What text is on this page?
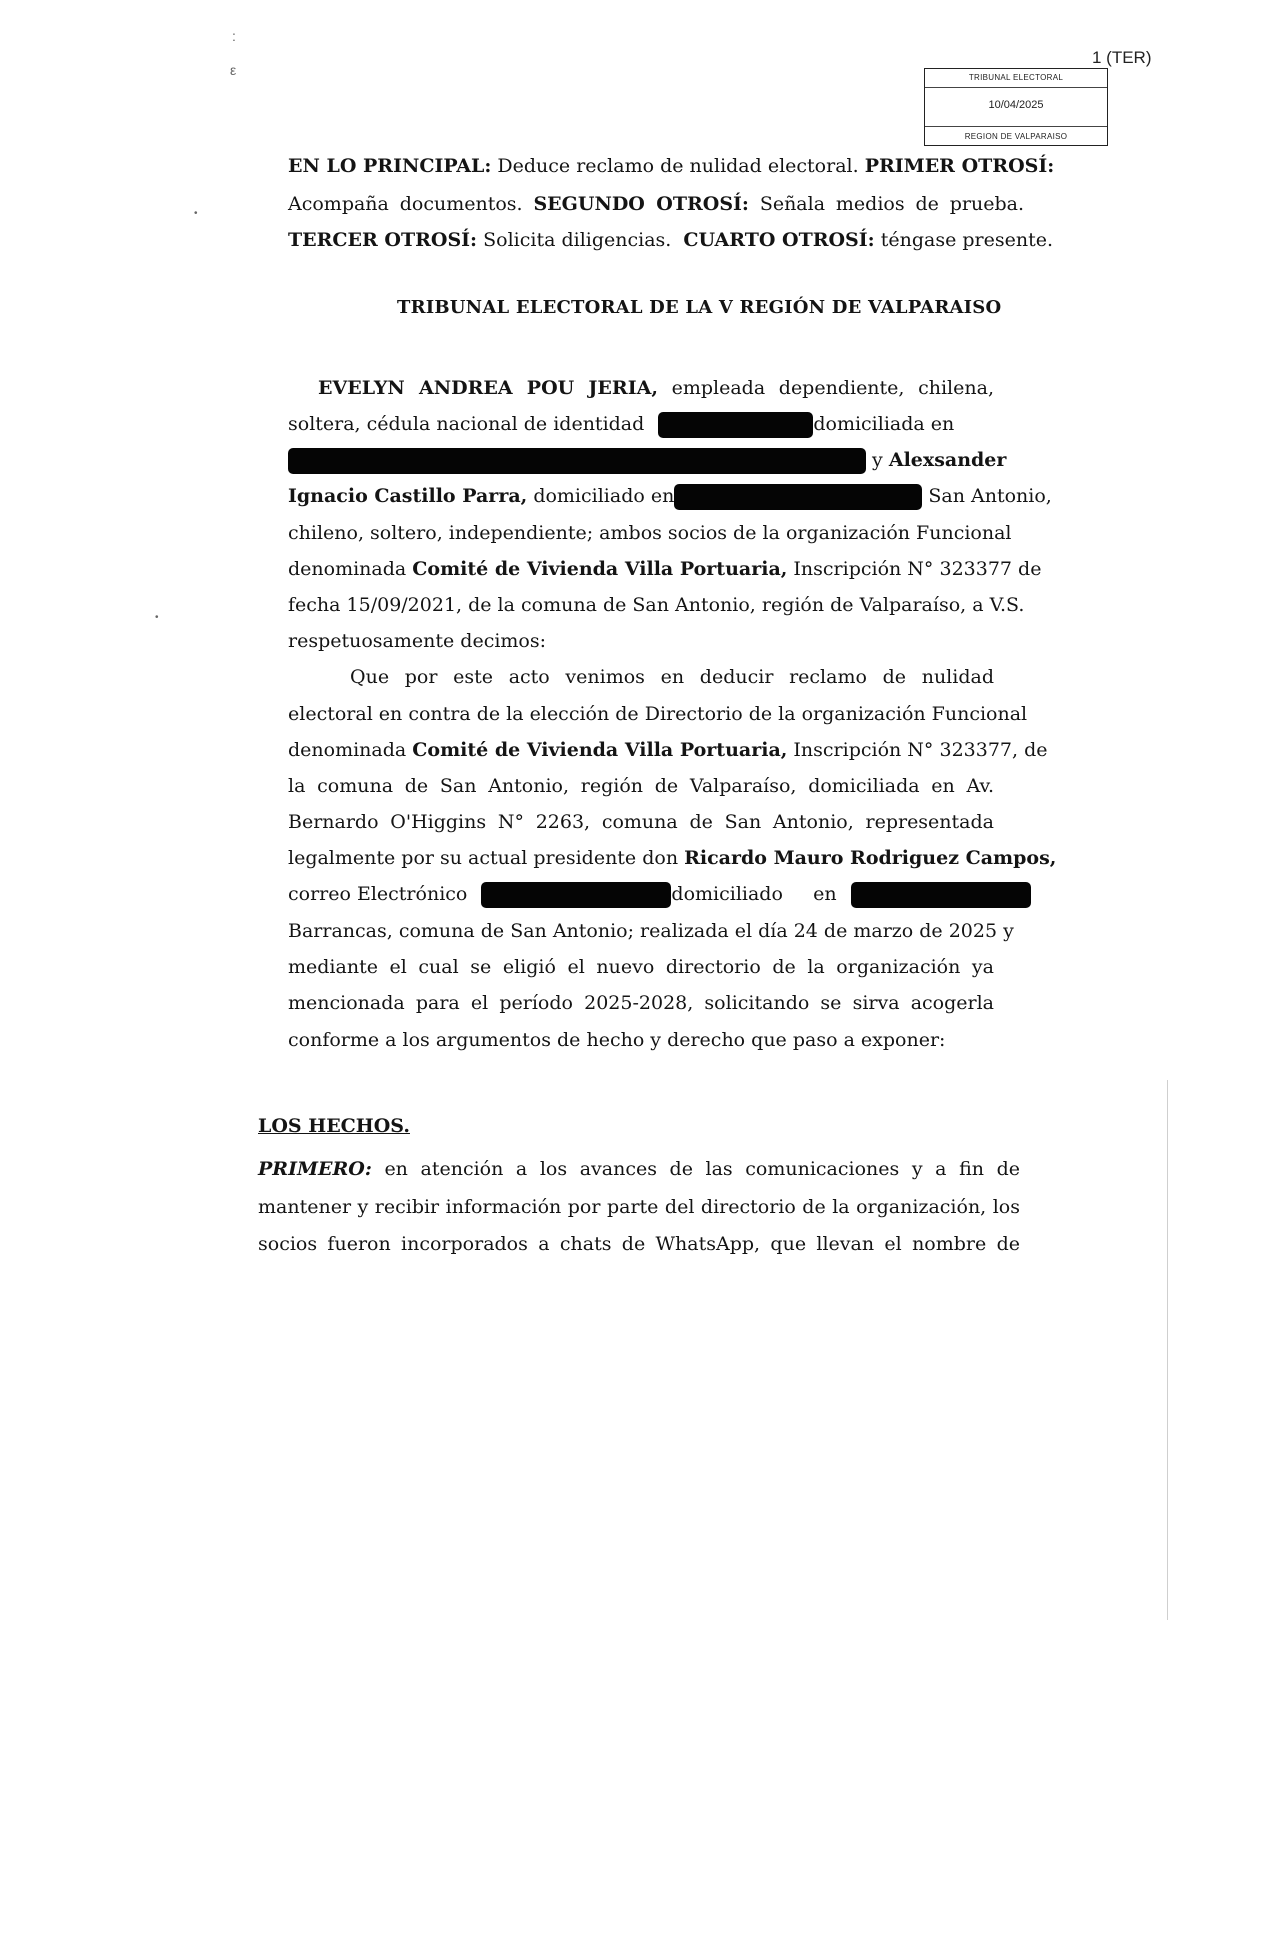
:
ε
•
•
1 (TER)
TRIBUNAL ELECTORAL
10/04/2025
REGION DE VALPARAISO
EN LO PRINCIPAL: Deduce reclamo de nulidad electoral. PRIMER OTROSÍ:
Acompaña documentos. SEGUNDO OTROSÍ: Señala medios de prueba.
TERCER OTROSÍ: Solicita diligencias. CUARTO OTROSÍ: téngase presente.
TRIBUNAL ELECTORAL DE LA V REGIÓN DE VALPARAISO
EVELYN ANDREA POU JERIA, empleada dependiente, chilena,
soltera, cédula nacional de identidad	domiciliada en
y Alexsander
Ignacio Castillo Parra, domiciliado en	San Antonio,
chileno, soltero, independiente; ambos socios de la organización Funcional
denominada Comité de Vivienda Villa Portuaria, Inscripción N° 323377 de
fecha 15/09/2021, de la comuna de San Antonio, región de Valparaíso, a V.S.
respetuosamente decimos:
Que por este acto venimos en deducir reclamo de nulidad
electoral en contra de la elección de Directorio de la organización Funcional
denominada Comité de Vivienda Villa Portuaria, Inscripción N° 323377, de
la comuna de San Antonio, región de Valparaíso, domiciliada en Av.
Bernardo O'Higgins N° 2263, comuna de San Antonio, representada
legalmente por su actual presidente don Ricardo Mauro Rodriguez Campos,
correo Electrónico	domiciliado en
Barrancas, comuna de San Antonio; realizada el día 24 de marzo de 2025 y
mediante el cual se eligió el nuevo directorio de la organización ya
mencionada para el período 2025-2028, solicitando se sirva acogerla
conforme a los argumentos de hecho y derecho que paso a exponer:
LOS HECHOS.
PRIMERO: en atención a los avances de las comunicaciones y a fin de
mantener y recibir información por parte del directorio de la organización, los
socios fueron incorporados a chats de WhatsApp, que llevan el nombre de
